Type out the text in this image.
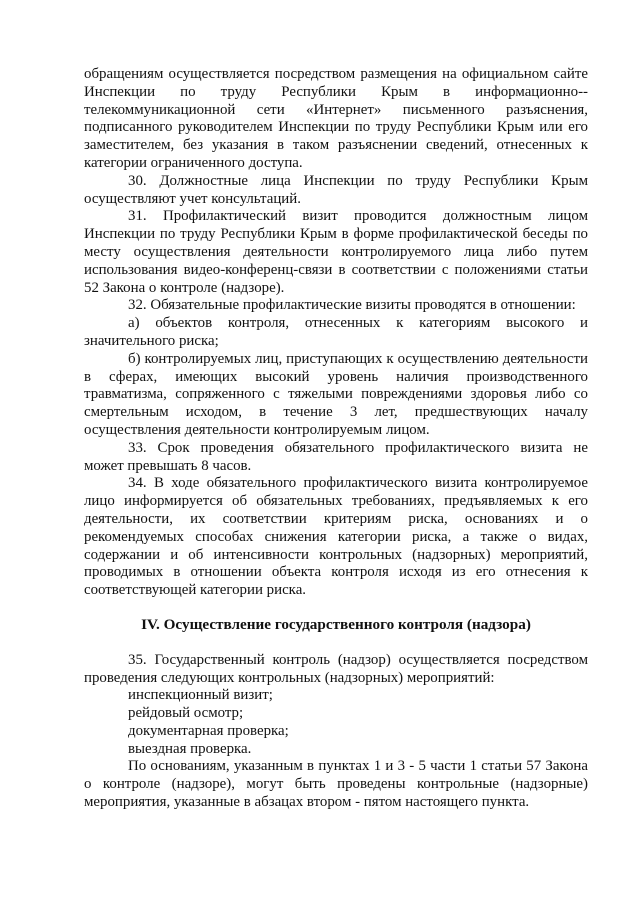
обращениям осуществляется посредством размещения на официальном сайте Инспекции по труду Республики Крым в информационно--телекоммуникационной сети «Интернет» письменного разъяснения, подписанного руководителем Инспекции по труду Республики Крым или его заместителем, без указания в таком разъяснении сведений, отнесенных к категории ограниченного доступа.

30. Должностные лица Инспекции по труду Республики Крым осуществляют учет консультаций.

31. Профилактический визит проводится должностным лицом Инспекции по труду Республики Крым в форме профилактической беседы по месту осуществления деятельности контролируемого лица либо путем использования видео-конференц-связи в соответствии с положениями статьи 52 Закона о контроле (надзоре).

32. Обязательные профилактические визиты проводятся в отношении:

а) объектов контроля, отнесенных к категориям высокого и значительного риска;

б) контролируемых лиц, приступающих к осуществлению деятельности в сферах, имеющих высокий уровень наличия производственного травматизма, сопряженного с тяжелыми повреждениями здоровья либо со смертельным исходом, в течение 3 лет, предшествующих началу осуществления деятельности контролируемым лицом.

33. Срок проведения обязательного профилактического визита не может превышать 8 часов.

34. В ходе обязательного профилактического визита контролируемое лицо информируется об обязательных требованиях, предъявляемых к его деятельности, их соответствии критериям риска, основаниях и о рекомендуемых способах снижения категории риска, а также о видах, содержании и об интенсивности контрольных (надзорных) мероприятий, проводимых в отношении объекта контроля исходя из его отнесения к соответствующей категории риска.

IV. Осуществление государственного контроля (надзора)

35. Государственный контроль (надзор) осуществляется посредством проведения следующих контрольных (надзорных) мероприятий:

инспекционный визит;

рейдовый осмотр;

документарная проверка;

выездная проверка.

По основаниям, указанным в пунктах 1 и 3 - 5 части 1 статьи 57 Закона о контроле (надзоре), могут быть проведены контрольные (надзорные) мероприятия, указанные в абзацах втором - пятом настоящего пункта.
